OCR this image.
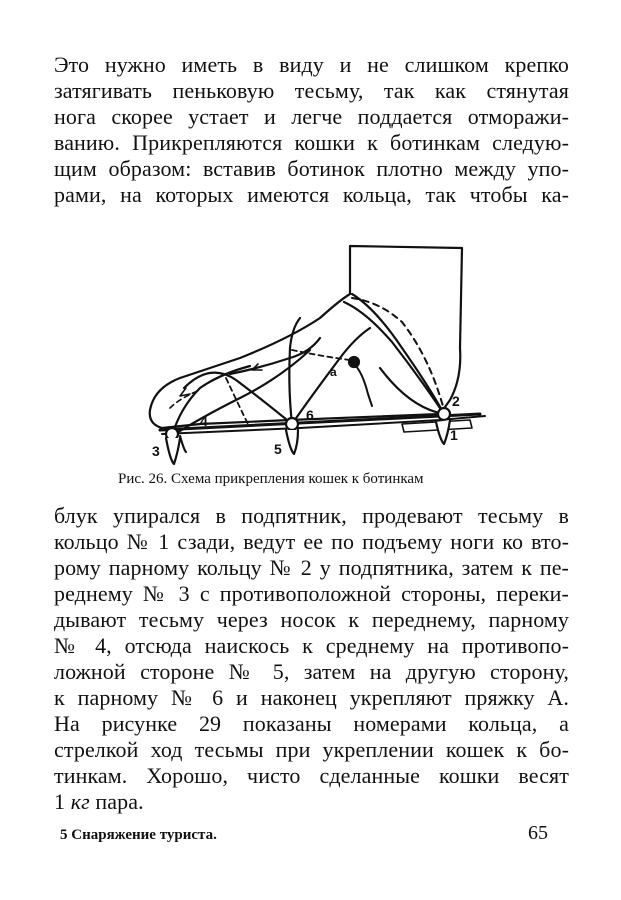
Это нужно иметь в виду и не слишком крепко
затягивать пеньковую тесьму, так как стянутая
нога скорее устает и легче поддается отморажи-
ванию. Прикрепляются кошки к ботинкам следую-
щим образом: вставив ботинок плотно между упо-
рами, на которых имеются кольца, так чтобы ка-
а
2
1
6
5
4
3
Рис. 26. Схема прикрепления кошек к ботинкам
блук упирался в подпятник, продевают тесьму в
кольцо № 1 сзади, ведут ее по подъему ноги ко вто-
рому парному кольцу № 2 у подпятника, затем к пе-
реднему № 3 с противоположной стороны, переки-
дывают тесьму через носок к переднему, парному
№ 4, отсюда наискось к среднему на противопо-
ложной стороне № 5, затем на другую сторону,
к парному № 6 и наконец укрепляют пряжку А.
На рисунке 29 показаны номерами кольца, а
стрелкой ход тесьмы при укреплении кошек к бо-
тинкам. Хорошо, чисто сделанные кошки весят
1 кг пара.
5 Снаряжение туриста.	65
